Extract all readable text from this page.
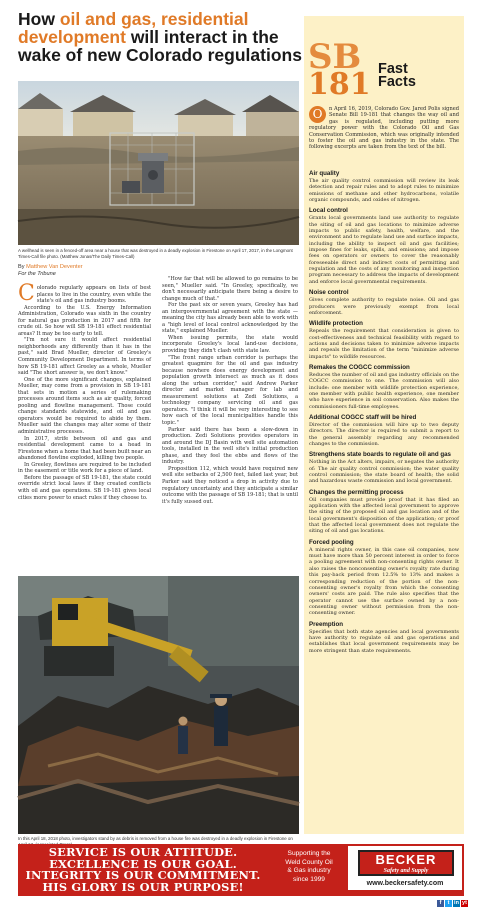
How oil and gas, residential development will interact in the wake of new Colorado regulations
A wellhead is seen in a fenced-off area near a house that was destroyed in a deadly explosion in Firestone on April 17, 2017, in the Longmont Times-Call file photo. (Matthew Jonas/The Daily Times-Call)
By Matthew Van Deventer
For the Tribune

Colorado regularly appears on lists of best places to live in the country, even while the state's oil and gas industry booms.

According to the U.S. Energy Information Administration, Colorado was sixth in the country for natural gas production in 2017 and fifth for crude oil. So how will SB 19-181 effect residential areas? It may be too early to tell.

"I'm not sure it would affect residential neighborhoods any differently than it has in the past," said Brad Mueller, director of Greeley's Community Development Department. In terms of how SB 19-181 affect Greeley as a whole, Mueller said "The short answer is, we don't know."

One of the more significant changes, explained Mueller, may come from a provision in SB 19-181 that sets in motion a series of rulemaking processes around items such as air quality, forced pooling and flowline management. Those could change standards statewide, and oil and gas operators would be required to abide by them. Mueller said the changes may alter some of their administrative processes.

In 2017, strife between oil and gas and residential development came to a head in Firestone when a home that had been built near an abandoned flowline exploded, killing two people.

In Greeley, flowlines are required to be included in the easement or title work for a piece of land.

Before the passage of SB 19-181, the state could override strict local laws if they created conflicts with oil and gas operations. SB 19-181 gives local cities more power to enact rules if they choose to.

"How far that will be allowed to go remains to be seen," Mueller said. "In Greeley, specifically, we don't necessarily anticipate there being a desire to change much of that."

For the past six or seven years, Greeley has had an intergovernmental agreement with the state — meaning the city has already been able to work with a "high level of local control acknowledged by the state," explained Mueller.

When issuing permits, the state would incorporate Greeley's local land-use decisions, providing they didn't clash with state law.

"The front range urban corridor is perhaps the greatest quagmire for the oil and gas industry because nowhere does energy development and population growth intersect as much as it does along the urban corridor," said Andrew Parker director and market manager for lab and measurement solutions at Zedi Solutions, a technology company servicing oil and gas operators. "I think it will be very interesting to see how each of the local municipalities handle this topic."

Parker said there has been a slow-down in production. Zedi Solutions provides operators in and around the DJ Basin with well site automation tools, installed in the well site's initial production phase, and they feel the ebbs and flows of the industry.

Proposition 112, which would have required new well site setbacks of 2,500 feet, failed last year, but Parker said they noticed a drop in activity due to regulatory uncertainty and they anticipate a similar outcome with the passage of SB 19-181; that is until it's fully sussed out.

In this April 18, 2018 photo, investigators stand by as debris is removed from a house fire was destroyed in a deadly explosion in Firestone on
SB
181 Fast
Facts
O	n April 16, 2019, Colorado Gov. Jared Polis signed Senate Bill 19-181 that changes the way oil and gas is regulated, including putting more regulatory power with the Colorado Oil and Gas Conservation Commission, which was originally intended to foster the oil and gas industry in the state. The following excerpts are taken from the text of the bill.
Air quality

The air quality control commission will review its leak detection and repair rules and to adopt rules to minimize emissions of methane and other hydrocarbons, volatile organic compounds, and oxides of nitrogen.

Local control

Grants local governments land use authority to regulate the siting of oil and gas locations to minimize adverse impacts to public safety, health, welfare, and the environment and to regulate land use and surface impacts, including the ability to inspect oil and gas facilities; impose fines for leaks, spills, and emissions; and impose fees on operators or owners to cover the reasonably foreseeable direct and indirect costs of permitting and regulation and the costs of any monitoring and inspection program necessary to address the impacts of development and enforce local governmental requirements.

Noise control

Gives complete authority to regulate noise. Oil and gas producers were previously exempt from local enforcement.

Wildlife protection

Repeals the requirement that consideration is given to cost-effectiveness and technical feasibility with regard to actions and decisions taken to minimize adverse impacts and repeals the limitation of the term "minimize adverse impacts" to wildlife resources.

Remakes the COGCC commission

Reduces the number of oil and gas industry officials on the COGCC commission to one. The commission will also include: one member with wildlife protection experience, one member with public health experience, one member who have experience in soil conservation. Also makes the commissioners full-time employees.

Additional COGCC staff will be hired

Director of the commission will hire up to two deputy directors. The director is required to submit a report to the general assembly regarding any recommended changes to the commission.

Strengthens state boards to regulate oil and gas

Nothing in the Act alters, impairs, or negates the authority of: The air quality control commission; the water quality control commission; the state board of health; the solid and hazardous waste commission and local government.

Changes the permitting process

Oil companies must provide proof that it has filed an application with the affected local government to approve the siting of the proposed oil and gas location and of the local government's disposition of the application; or proof that the affected local government does not regulate the siting of oil and gas locations.

Forced pooling

A mineral rights owner, in this case oil companies, now must have more than 50 percent interest in order to force a pooling agreement with non-consenting rights owner. It also raises the nonconsenting owner's royalty rate during this pay-back period from 12.5% to 13% and makes a corresponding reduction of the portion of the non-consenting owner's royalty from which the consenting owners' costs are paid. The rule also specifies that the operator cannot use the surface owned by a non-consenting owner without permission from the non-consenting owner.

Preemption

Specifies that both state agencies and local governments have authority to regulate oil and gas operations and establishes that local government requirements may be more stringent than state requirements.

SERVICE IS OUR ATTITUDE.
EXCELLENCE IS OUR GOAL.
INTEGRITY IS OUR COMMITMENT.
HIS GLORY IS OUR PURPOSE!
Supporting the
Weld County Oil
& Gas industry
since 1999
BECKER
Safety and Supply
www.beckersafety.com
f t in yt
